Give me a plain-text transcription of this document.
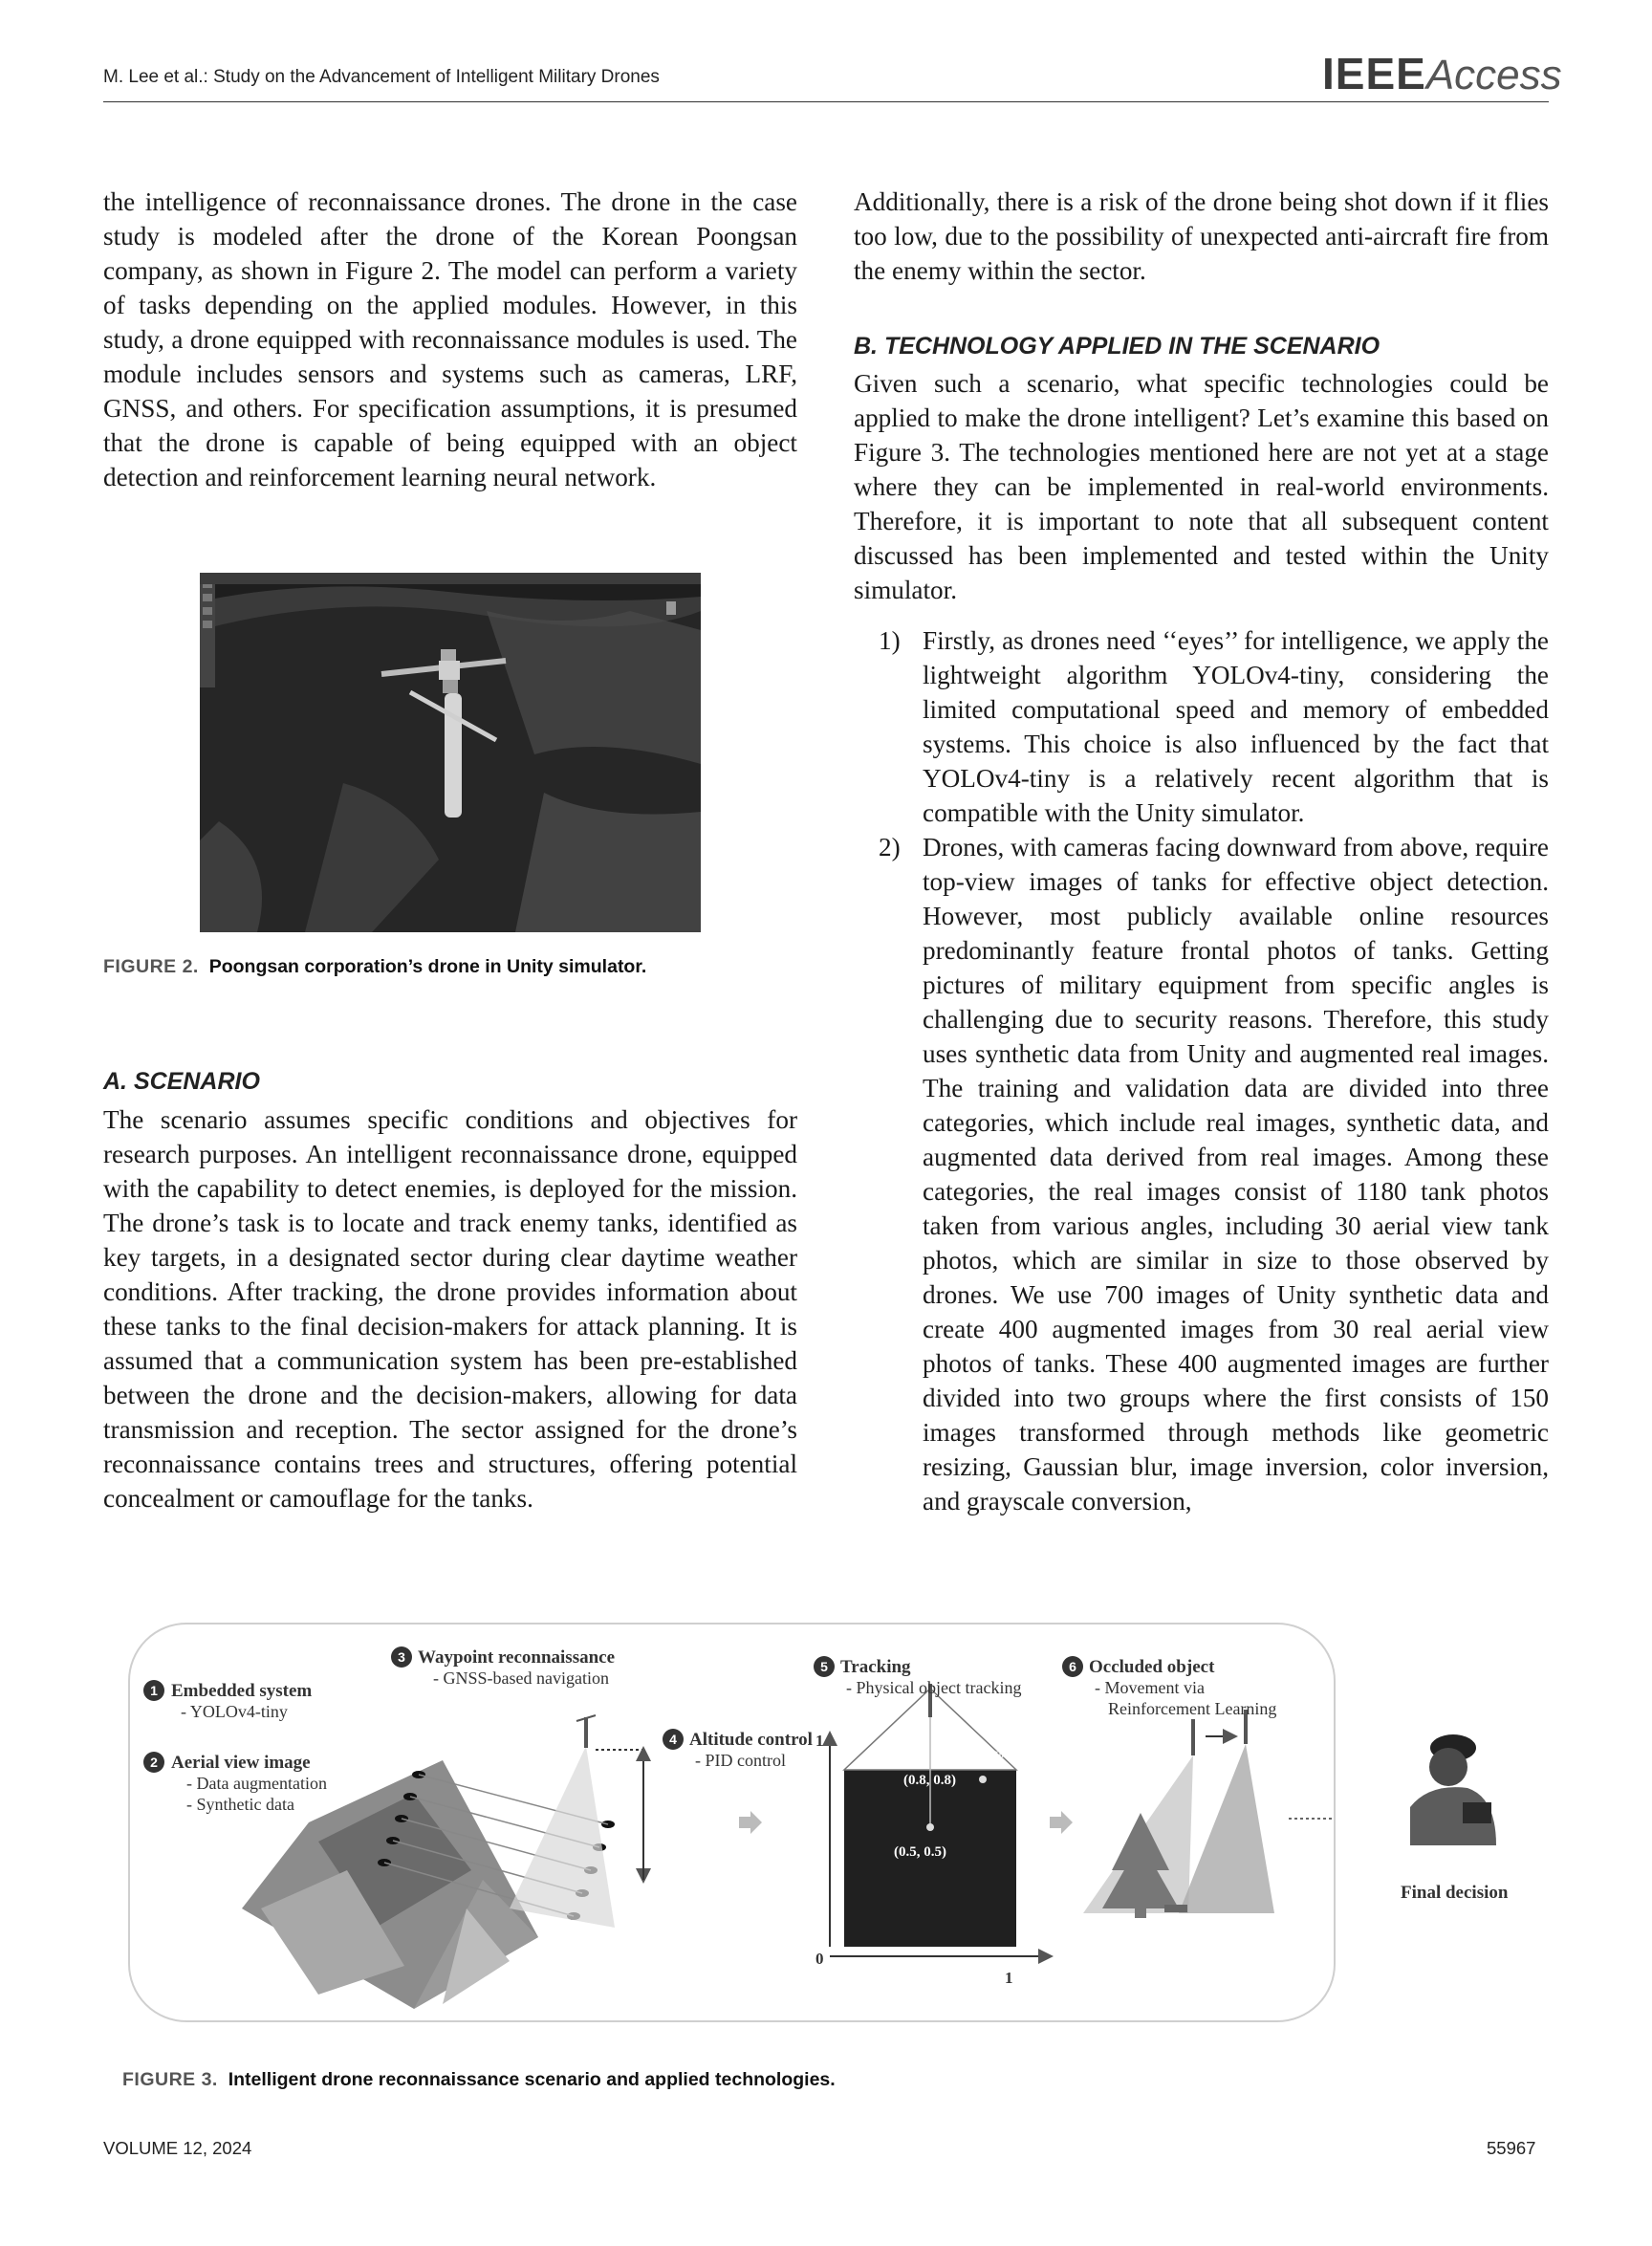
M. Lee et al.: Study on the Advancement of Intelligent Military Drones	IEEEAccess

the intelligence of reconnaissance drones. The drone in the case study is modeled after the drone of the Korean Poongsan company, as shown in Figure 2. The model can perform a variety of tasks depending on the applied modules. However, in this study, a drone equipped with reconnaissance modules is used. The module includes sensors and systems such as cameras, LRF, GNSS, and others. For specification assumptions, it is presumed that the drone is capable of being equipped with an object detection and reinforcement learning neural network.

FIGURE 2. Poongsan corporation’s drone in Unity simulator.
A. SCENARIO

The scenario assumes specific conditions and objectives for research purposes. An intelligent reconnaissance drone, equipped with the capability to detect enemies, is deployed for the mission. The drone’s task is to locate and track enemy tanks, identified as key targets, in a designated sector during clear daytime weather conditions. After tracking, the drone provides information about these tanks to the final decision-makers for attack planning. It is assumed that a communication system has been pre-established between the drone and the decision-makers, allowing for data transmission and reception. The sector assigned for the drone’s reconnaissance contains trees and structures, offering potential concealment or camouflage for the tanks.

Additionally, there is a risk of the drone being shot down if it flies too low, due to the possibility of unexpected anti-aircraft fire from the enemy within the sector.

B. TECHNOLOGY APPLIED IN THE SCENARIO

Given such a scenario, what specific technologies could be applied to make the drone intelligent? Let’s examine this based on Figure 3. The technologies mentioned here are not yet at a stage where they can be implemented in real-world environments. Therefore, it is important to note that all subsequent content discussed has been implemented and tested within the Unity simulator.

1) Firstly, as drones need ‘‘eyes’’ for intelligence, we apply the lightweight algorithm YOLOv4-tiny, considering the limited computational speed and memory of embedded systems. This choice is also influenced by the fact that YOLOv4-tiny is a relatively recent algorithm that is compatible with the Unity simulator.
2) Drones, with cameras facing downward from above, require top-view images of tanks for effective object detection. However, most publicly available online resources predominantly feature frontal photos of tanks. Getting pictures of military equipment from specific angles is challenging due to security reasons. Therefore, this study uses synthetic data from Unity and augmented real images. The training and validation data are divided into three categories, which include real images, synthetic data, and augmented data derived from real images. Among these categories, the real images consist of 1180 tank photos taken from various angles, including 30 aerial view tank photos, which are similar in size to those observed by drones. We use 700 images of Unity synthetic data and create 400 augmented images from 30 real aerial view photos of tanks. These 400 augmented images are further divided into two groups where the first consists of 150 images transformed through methods like geometric resizing, Gaussian blur, image inversion, color inversion, and grayscale conversion,
1
0
1
(0.8, 0.8)
(0.5, 0.5)
Tank
1
2
3
4
5	6
Embedded system
- YOLOv4-tiny
Aerial view image
- Data augmentation
- Synthetic data
Waypoint reconnaissance
- GNSS-based navigation
Altitude control
- PID control
Tracking
- Physical object tracking
Occluded object
- Movement via
Reinforcement Learning
Final decision
FIGURE 3. Intelligent drone reconnaissance scenario and applied technologies.
VOLUME 12, 2024	55967
